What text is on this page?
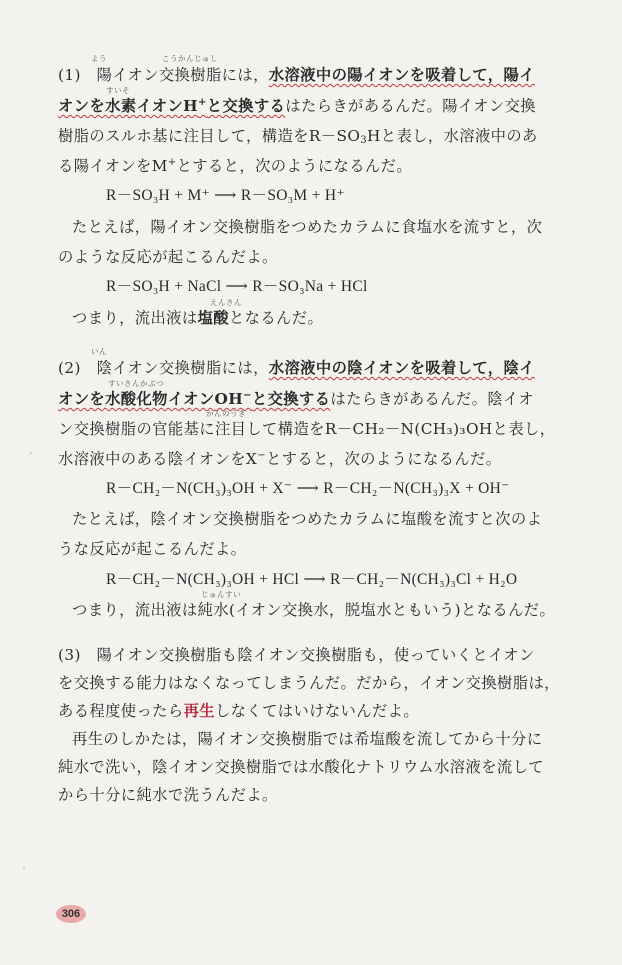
よう	こうかんじゅし
(1)　陽イオン交換樹脂には，水溶液中の陽イオンを吸着して，陽イ
すいそ
オンを水素イオンH+と交換するはたらきがあるんだ。陽イオン交換
樹脂のスルホ基に注目して，構造を$R-SO_3H$と表し，水溶液中のあ
る陽イオンをM+とすると，次のようになるんだ。
R－SO₃H + M⁺ ⟶ R－SO₃M + H⁺
たとえば，陽イオン交換樹脂をつめたカラムに食塩水を流すと，次
のような反応が起こるんだよ。
R－SO₃H + NaCl ⟶ R－SO₃Na + HCl
えんさん
つまり，流出液は塩酸となるんだ。
いん
(2)　陰イオン交換樹脂には，水溶液中の陰イオンを吸着して，陰イ
すいさんかぶつ
オンを水酸化物イオンOH−と交換するはたらきがあるんだ。陰イオ
かんのうき
ン交換樹脂の官能基に注目して構造をR－CH₂－N(CH₃)₃OHと表し，
水溶液中のある陰イオンをX−とすると，次のようになるんだ。
R－CH₂－N(CH₃)₃OH + X⁻ ⟶ R－CH₂－N(CH₃)₃X + OH⁻
たとえば，陰イオン交換樹脂をつめたカラムに塩酸を流すと次のよ
うな反応が起こるんだよ。
R－CH₂－N(CH₃)₃OH + HCl ⟶ R－CH₂－N(CH₃)₃Cl + H₂O
じゅんすい
つまり，流出液は純水(イオン交換水，脱塩水ともいう)となるんだ。
(3)　陽イオン交換樹脂も陰イオン交換樹脂も，使っていくとイオン
を交換する能力はなくなってしまうんだ。だから，イオン交換樹脂は，
ある程度使ったら再生しなくてはいけないんだよ。
再生のしかたは，陽イオン交換樹脂では希塩酸を流してから十分に
純水で洗い，陰イオン交換樹脂では水酸化ナトリウム水溶液を流して
から十分に純水で洗うんだよ。
306
